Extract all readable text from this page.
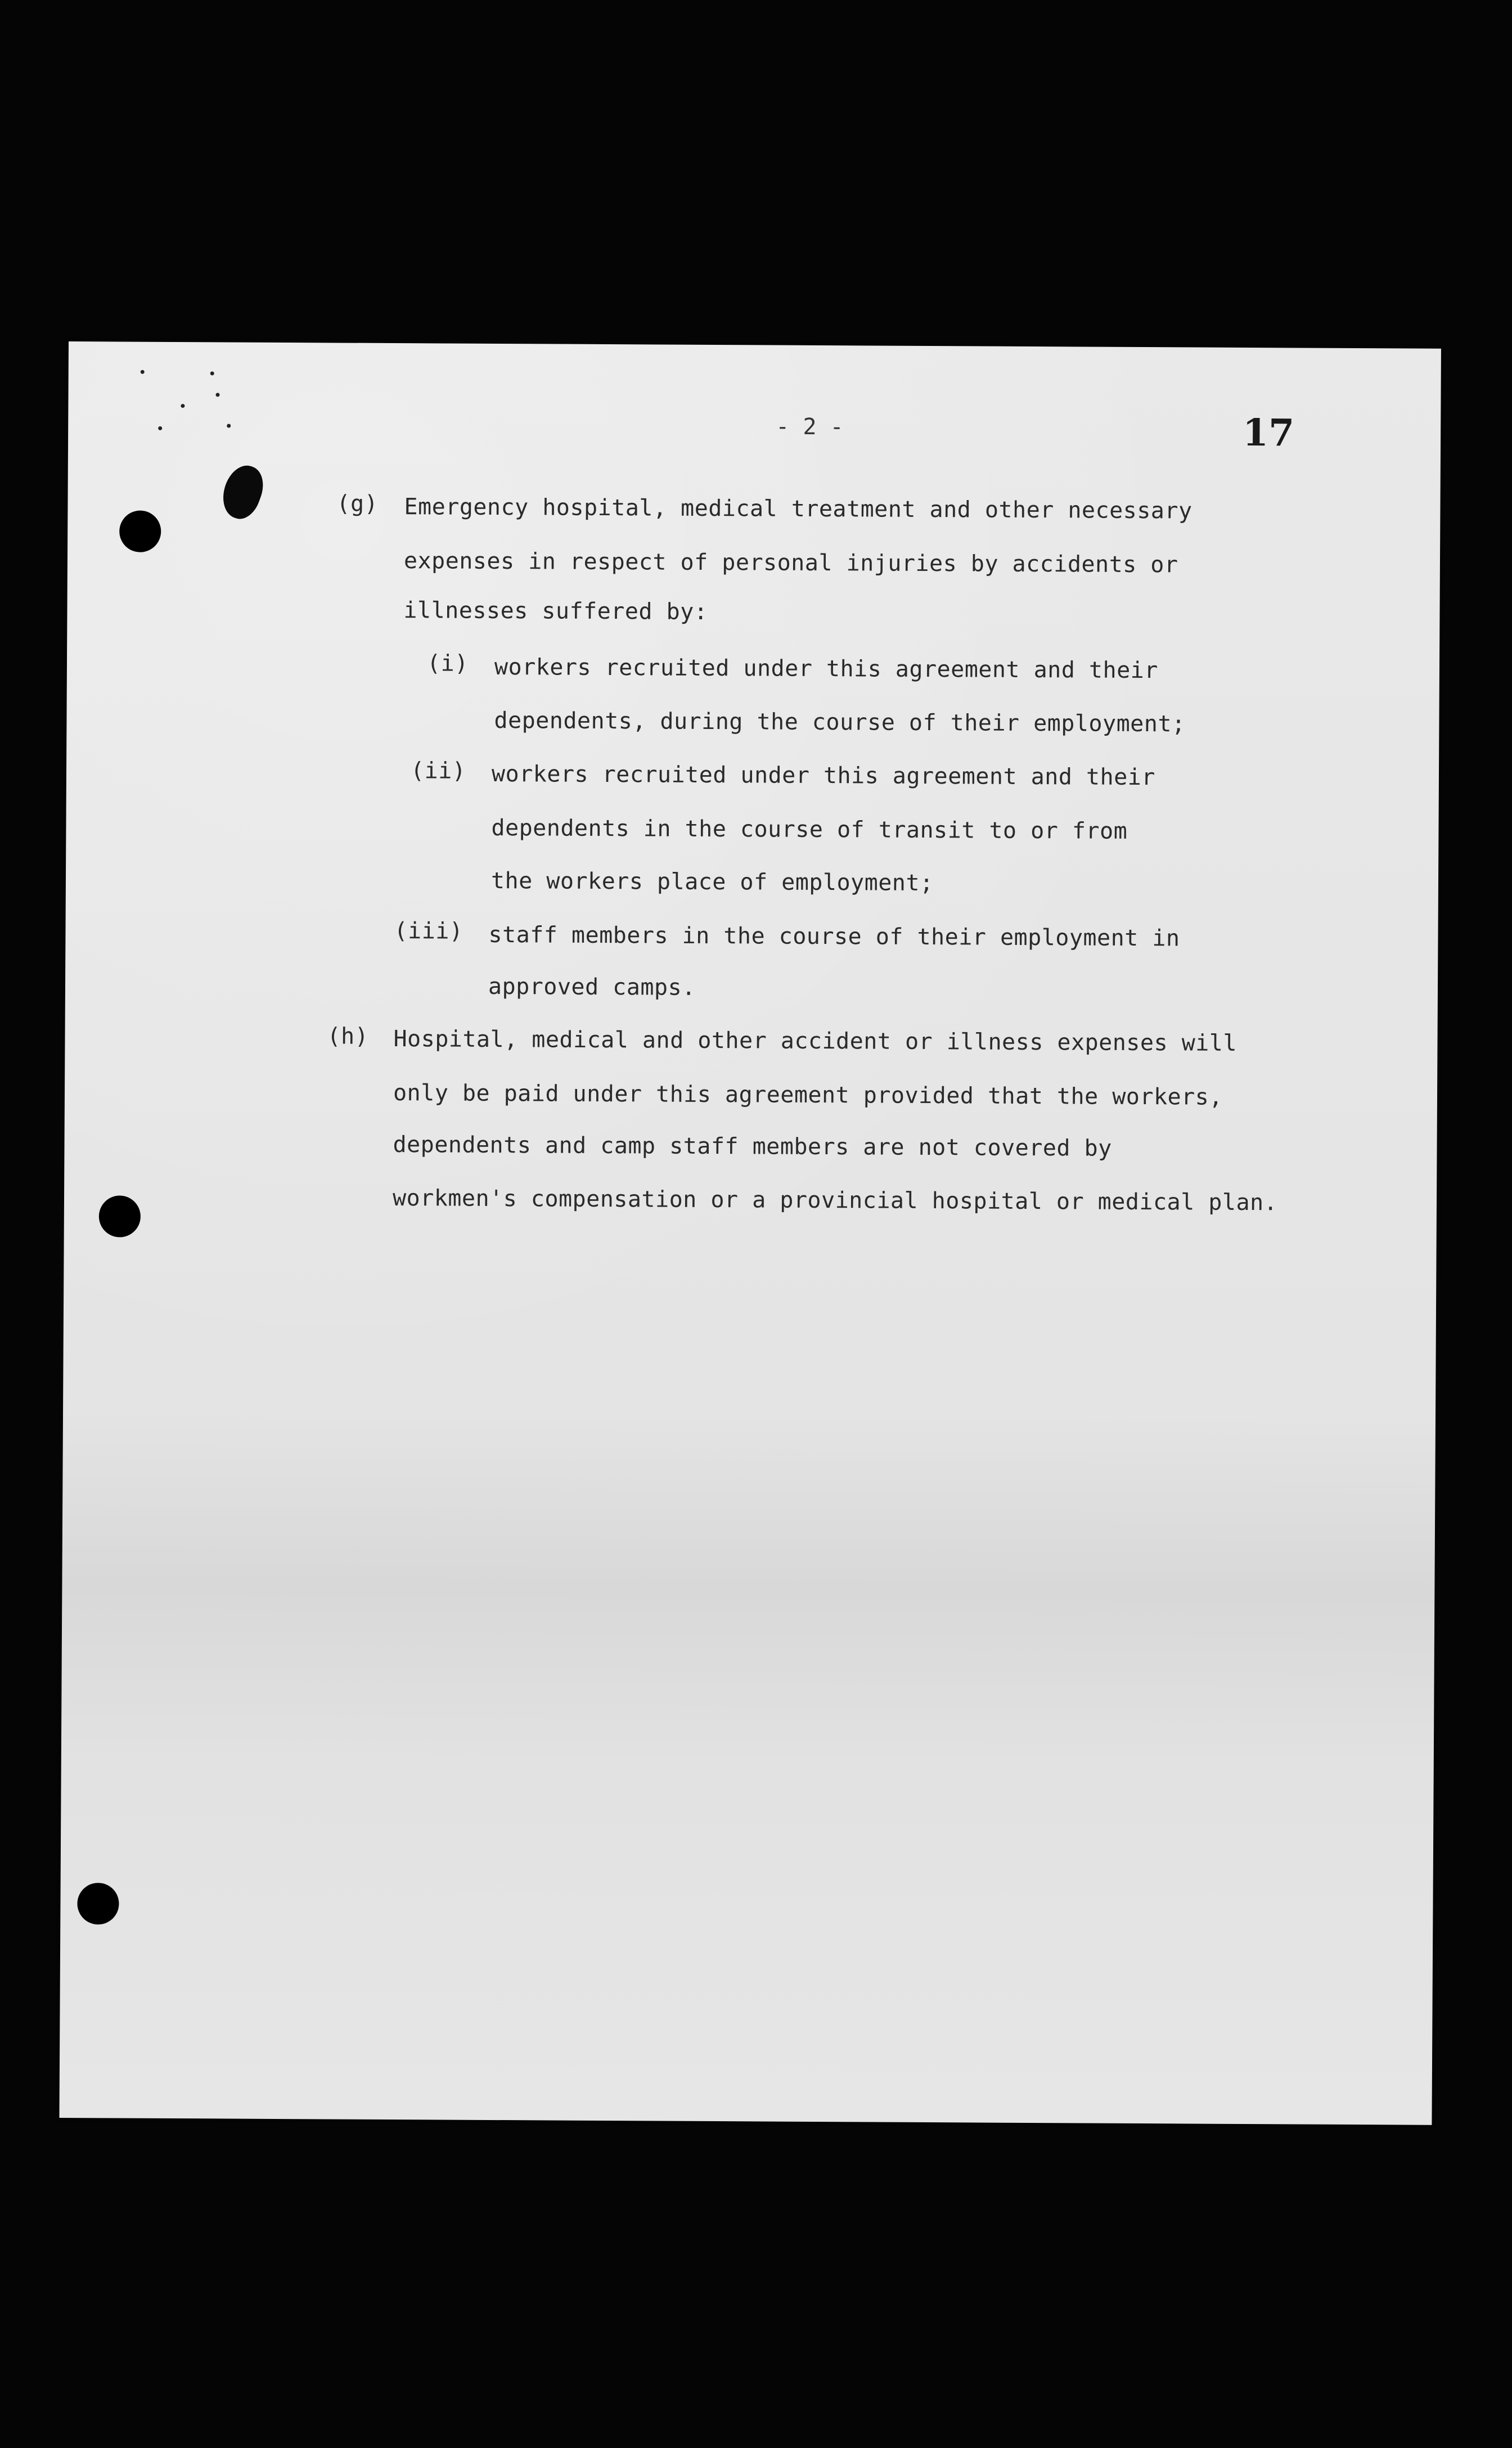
- 2 -	17
(g) Emergency hospital, medical treatment and other necessary
expenses in respect of personal injuries by accidents or
illnesses suffered by:
(i) workers recruited under this agreement and their
dependents, during the course of their employment;
(ii) workers recruited under this agreement and their
dependents in the course of transit to or from
the workers place of employment;
(iii) staff members in the course of their employment in
approved camps.
(h) Hospital, medical and other accident or illness expenses will
only be paid under this agreement provided that the workers,
dependents and camp staff members are not covered by
workmen's compensation or a provincial hospital or medical plan.
